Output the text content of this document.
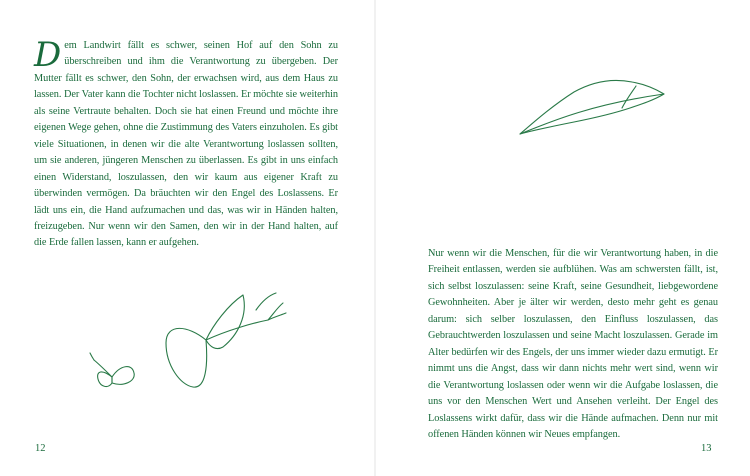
Dem Landwirt fällt es schwer, seinen Hof auf den Sohn zu überschreiben und ihm die Verantwortung zu übergeben. Der Mutter fällt es schwer, den Sohn, der erwachsen wird, aus dem Haus zu lassen. Der Vater kann die Tochter nicht loslassen. Er möchte sie weiterhin als seine Vertraute behalten. Doch sie hat einen Freund und möchte ihre eigenen Wege gehen, ohne die Zustimmung des Vaters einzuholen. Es gibt viele Situationen, in denen wir die alte Verantwortung loslassen sollten, um sie anderen, jüngeren Menschen zu überlassen. Es gibt in uns einfach einen Widerstand, loszulassen, den wir kaum aus eigener Kraft zu überwinden vermögen. Da bräuchten wir den Engel des Loslassens. Er lädt uns ein, die Hand aufzumachen und das, was wir in Händen halten, freizugeben. Nur wenn wir den Samen, den wir in der Hand halten, auf die Erde fallen lassen, kann er aufgehen.
12
Nur wenn wir die Menschen, für die wir Verantwortung haben, in die Freiheit entlassen, werden sie aufblühen. Was am schwersten fällt, ist, sich selbst loszulassen: seine Kraft, seine Gesundheit, liebgewordene Gewohnheiten. Aber je älter wir werden, desto mehr geht es genau darum: sich selber loszulassen, den Einfluss loszulassen, das Gebrauchtwerden loszulassen und seine Macht loszulassen. Gerade im Alter bedürfen wir des Engels, der uns immer wieder dazu ermutigt. Er nimmt uns die Angst, dass wir dann nichts mehr wert sind, wenn wir die Verantwortung loslassen oder wenn wir die Aufgabe loslassen, die uns vor den Menschen Wert und Ansehen verleiht. Der Engel des Loslassens wirkt dafür, dass wir die Hände aufmachen. Denn nur mit offenen Händen können wir Neues empfangen.
13
